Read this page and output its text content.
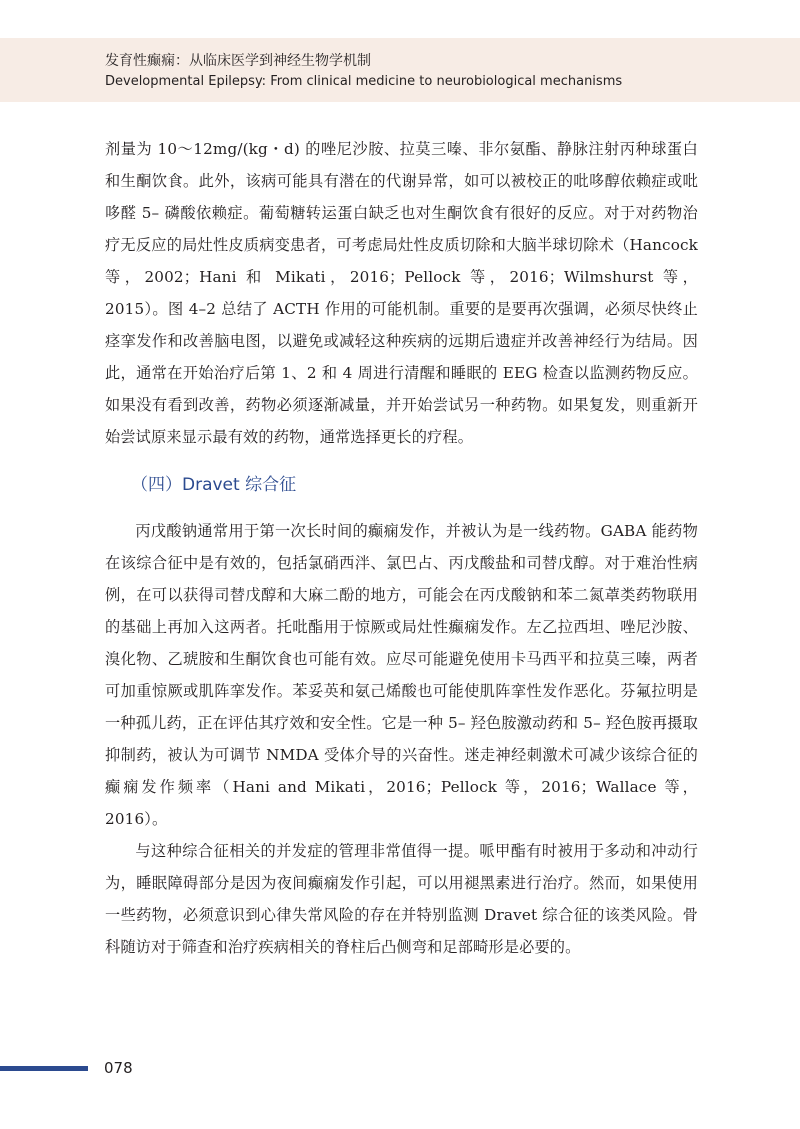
发育性癫痫：从临床医学到神经生物学机制
Developmental Epilepsy: From clinical medicine to neurobiological mechanisms

剂量为 10～12mg/(kg・d) 的唑尼沙胺、拉莫三嗪、非尔氨酯、静脉注射丙种球蛋白和生酮饮食。此外，该病可能具有潜在的代谢异常，如可以被校正的吡哆醇依赖症或吡哆醛 5– 磷酸依赖症。葡萄糖转运蛋白缺乏也对生酮饮食有很好的反应。对于对药物治疗无反应的局灶性皮质病变患者，可考虑局灶性皮质切除和大脑半球切除术（Hancock 等，2002；Hani 和 Mikati，2016；Pellock 等，2016；Wilmshurst 等，2015）。图 4–2 总结了 ACTH 作用的可能机制。重要的是要再次强调，必须尽快终止痉挛发作和改善脑电图，以避免或减轻这种疾病的远期后遗症并改善神经行为结局。因此，通常在开始治疗后第 1、2 和 4 周进行清醒和睡眠的 EEG 检查以监测药物反应。如果没有看到改善，药物必须逐渐减量，并开始尝试另一种药物。如果复发，则重新开始尝试原来显示最有效的药物，通常选择更长的疗程。

（四）Dravet 综合征

丙戊酸钠通常用于第一次长时间的癫痫发作，并被认为是一线药物。GABA 能药物在该综合征中是有效的，包括氯硝西泮、氯巴占、丙戊酸盐和司替戊醇。对于难治性病例，在可以获得司替戊醇和大麻二酚的地方，可能会在丙戊酸钠和苯二氮䓬类药物联用的基础上再加入这两者。托吡酯用于惊厥或局灶性癫痫发作。左乙拉西坦、唑尼沙胺、溴化物、乙琥胺和生酮饮食也可能有效。应尽可能避免使用卡马西平和拉莫三嗪，两者可加重惊厥或肌阵挛发作。苯妥英和氨己烯酸也可能使肌阵挛性发作恶化。芬氟拉明是一种孤儿药，正在评估其疗效和安全性。它是一种 5– 羟色胺激动药和 5– 羟色胺再摄取抑制药，被认为可调节 NMDA 受体介导的兴奋性。迷走神经刺激术可减少该综合征的癫痫发作频率（Hani and Mikati，2016；Pellock 等，2016；Wallace 等，2016）。

与这种综合征相关的并发症的管理非常值得一提。哌甲酯有时被用于多动和冲动行为，睡眠障碍部分是因为夜间癫痫发作引起，可以用褪黑素进行治疗。然而，如果使用一些药物，必须意识到心律失常风险的存在并特别监测 Dravet 综合征的该类风险。骨科随访对于筛查和治疗疾病相关的脊柱后凸侧弯和足部畸形是必要的。

078
